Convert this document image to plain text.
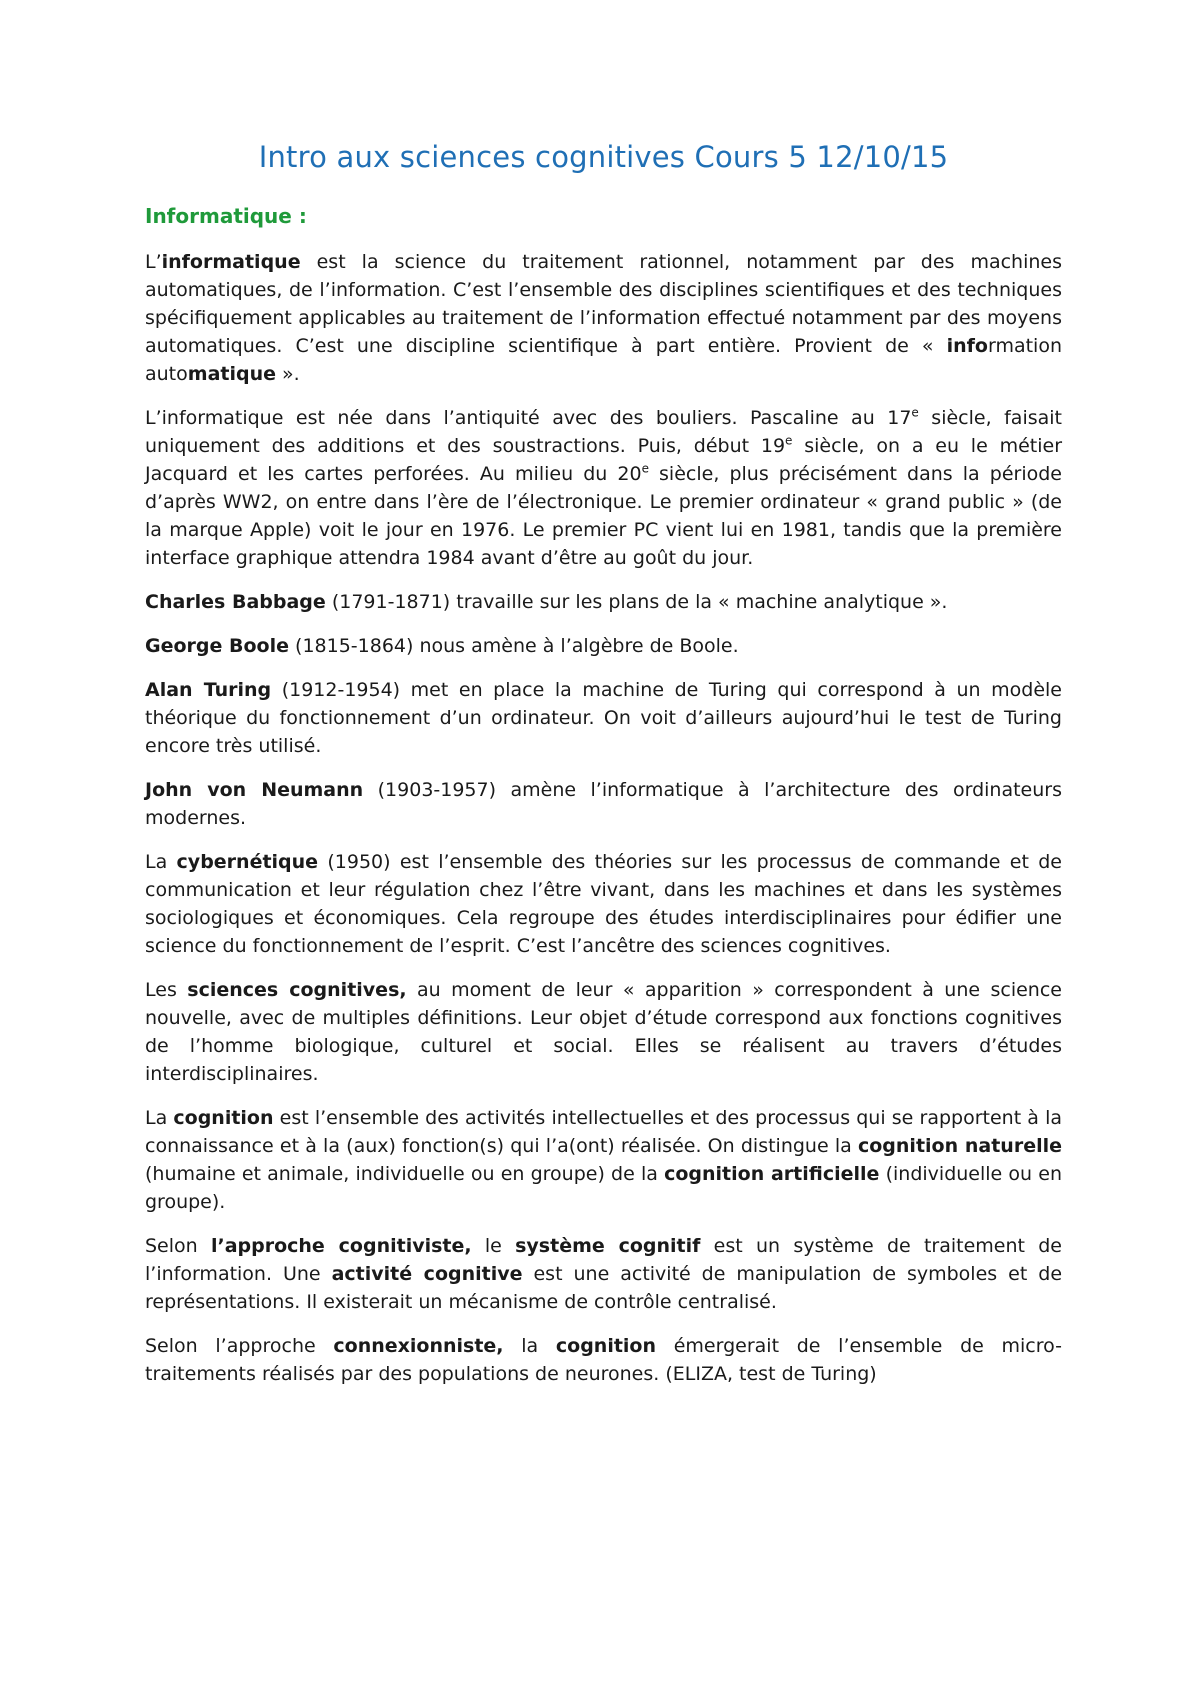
Intro aux sciences cognitives Cours 5 12/10/15
Informatique :

L’informatique est la science du traitement rationnel, notamment par des machines automatiques, de l’information. C’est l’ensemble des disciplines scientifiques et des techniques spécifiquement applicables au traitement de l’information effectué notamment par des moyens automatiques. C’est une discipline scientifique à part entière. Provient de « information automatique ».

L’informatique est née dans l’antiquité avec des bouliers. Pascaline au 17e siècle, faisait uniquement des additions et des soustractions. Puis, début 19e siècle, on a eu le métier Jacquard et les cartes perforées. Au milieu du 20e siècle, plus précisément dans la période d’après WW2, on entre dans l’ère de l’électronique. Le premier ordinateur « grand public » (de la marque Apple) voit le jour en 1976. Le premier PC vient lui en 1981, tandis que la première interface graphique attendra 1984 avant d’être au goût du jour.

Charles Babbage (1791-1871) travaille sur les plans de la « machine analytique ».

George Boole (1815-1864) nous amène à l’algèbre de Boole.

Alan Turing (1912-1954) met en place la machine de Turing qui correspond à un modèle théorique du fonctionnement d’un ordinateur. On voit d’ailleurs aujourd’hui le test de Turing encore très utilisé.

John von Neumann (1903-1957) amène l’informatique à l’architecture des ordinateurs modernes.

La cybernétique (1950) est l’ensemble des théories sur les processus de commande et de communication et leur régulation chez l’être vivant, dans les machines et dans les systèmes sociologiques et économiques. Cela regroupe des études interdisciplinaires pour édifier une science du fonctionnement de l’esprit. C’est l’ancêtre des sciences cognitives.

Les sciences cognitives, au moment de leur « apparition » correspondent à une science nouvelle, avec de multiples définitions. Leur objet d’étude correspond aux fonctions cognitives de l’homme biologique, culturel et social. Elles se réalisent au travers d’études interdisciplinaires.

La cognition est l’ensemble des activités intellectuelles et des processus qui se rapportent à la connaissance et à la (aux) fonction(s) qui l’a(ont) réalisée. On distingue la cognition naturelle (humaine et animale, individuelle ou en groupe) de la cognition artificielle (individuelle ou en groupe).

Selon l’approche cognitiviste, le système cognitif est un système de traitement de l’information. Une activité cognitive est une activité de manipulation de symboles et de représentations. Il existerait un mécanisme de contrôle centralisé.

Selon l’approche connexionniste, la cognition émergerait de l’ensemble de micro-traitements réalisés par des populations de neurones. (ELIZA, test de Turing)
